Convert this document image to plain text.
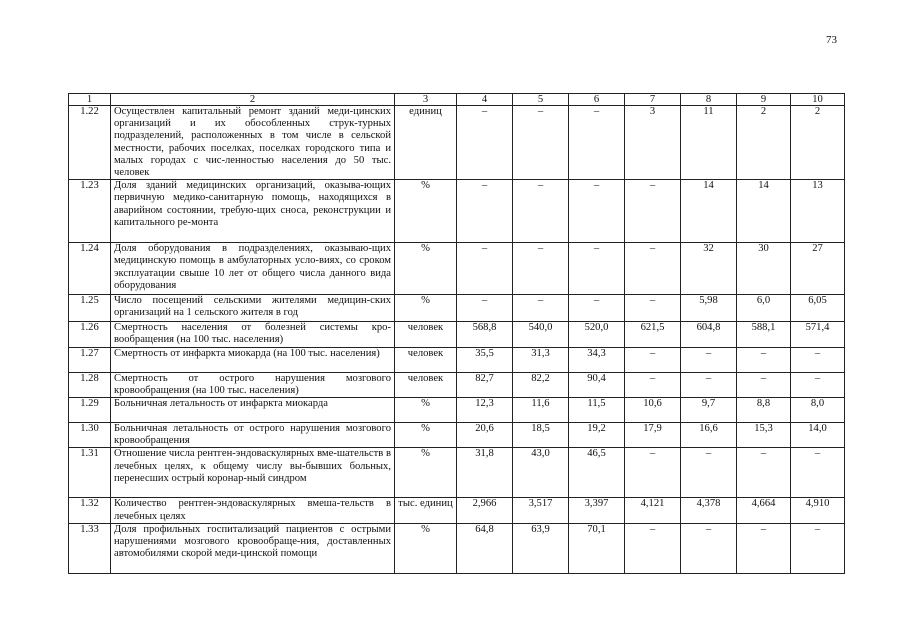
73
1	2	3	4	5	6	7	8	9	10
1.22	Осуществлен капитальный ремонт зданий меди-цинских организаций и их обособленных струк-турных подразделений, расположенных в том числе в сельской местности, рабочих поселках, поселках городского типа и малых городах с чис-ленностью населения до 50 тыс. человек	единиц	–	–	–	3	11	2	2
1.23	Доля зданий медицинских организаций, оказыва-ющих первичную медико-санитарную помощь, находящихся в аварийном состоянии, требую-щих сноса, реконструкции и капитального ре-монта	%	–	–	–	–	14	14	13
1.24	Доля оборудования в подразделениях, оказываю-щих медицинскую помощь в амбулаторных усло-виях, со сроком эксплуатации свыше 10 лет от общего числа данного вида оборудования	%	–	–	–	–	32	30	27
1.25	Число посещений сельскими жителями медицин-ских организаций на 1 сельского жителя в год	%	–	–	–	–	5,98	6,0	6,05
1.26	Смертность населения от болезней системы кро-вообращения (на 100 тыс. населения)	человек	568,8	540,0	520,0	621,5	604,8	588,1	571,4
1.27	Смертность от инфаркта миокарда (на 100 тыс. населения)	человек	35,5	31,3	34,3	–	–	–	–
1.28	Смертность от острого нарушения мозгового кровообращения (на 100 тыс. населения)	человек	82,7	82,2	90,4	–	–	–	–
1.29	Больничная летальность от инфаркта миокарда	%	12,3	11,6	11,5	10,6	9,7	8,8	8,0
1.30	Больничная летальность от острого нарушения мозгового кровообращения	%	20,6	18,5	19,2	17,9	16,6	15,3	14,0
1.31	Отношение числа рентген-эндоваскулярных вме-шательств в лечебных целях, к общему числу вы-бывших больных, перенесших острый коронар-ный синдром	%	31,8	43,0	46,5	–	–	–	–
1.32	Количество рентген-эндоваскулярных вмеша-тельств в лечебных целях	тыс. единиц	2,966	3,517	3,397	4,121	4,378	4,664	4,910
1.33	Доля профильных госпитализаций пациентов с острыми нарушениями мозгового кровообраще-ния, доставленных автомобилями скорой меди-цинской помощи	%	64,8	63,9	70,1	–	–	–	–
